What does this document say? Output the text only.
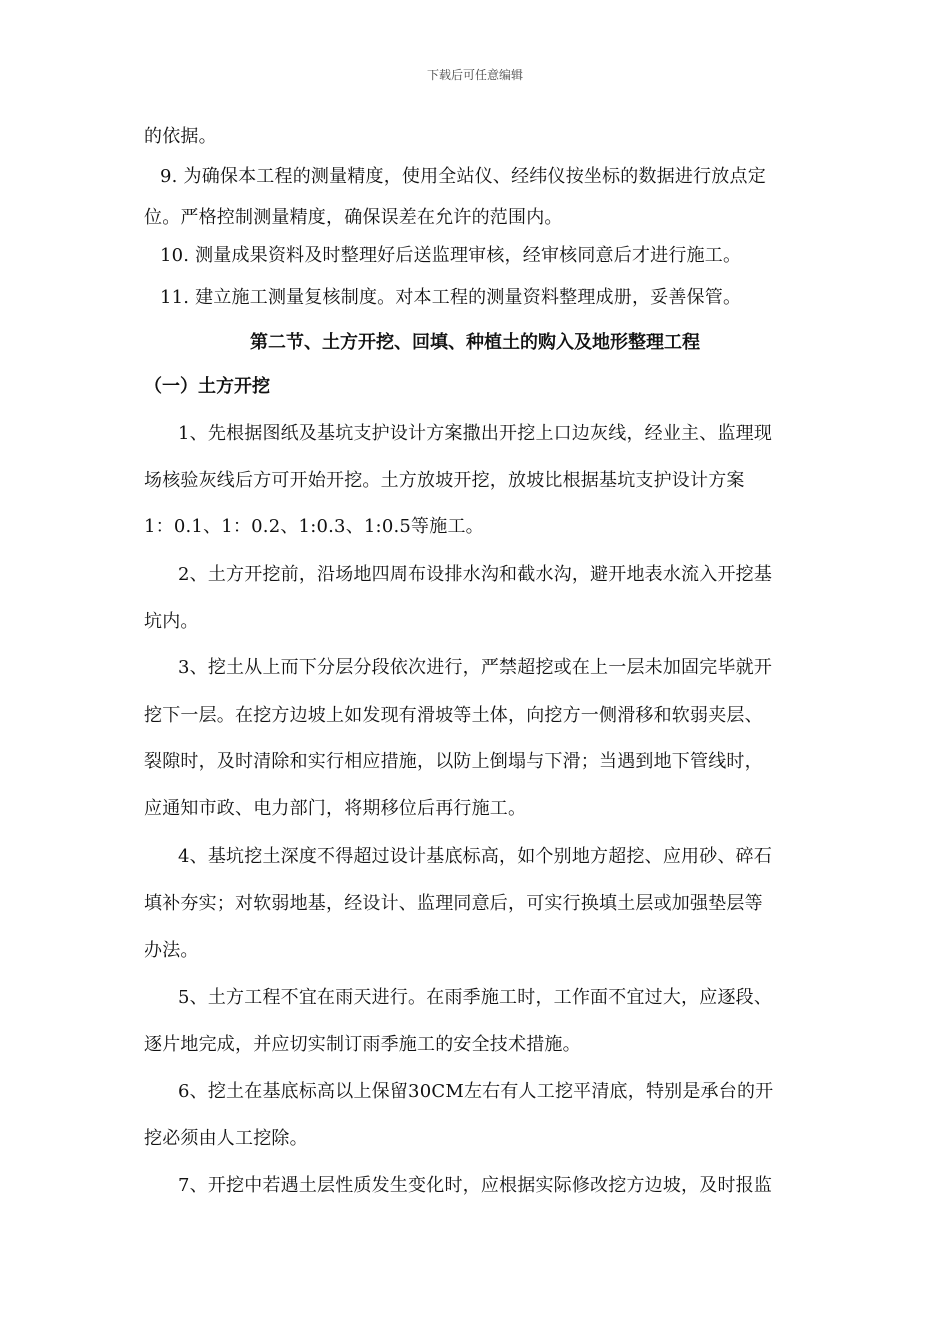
下载后可任意编辑
的依据。
9. 为确保本工程的测量精度，使用全站仪、经纬仪按坐标的数据进行放点定
位。严格控制测量精度，确保误差在允许的范围内。
10. 测量成果资料及时整理好后送监理审核，经审核同意后才进行施工。
11. 建立施工测量复核制度。对本工程的测量资料整理成册，妥善保管。
第二节、土方开挖、回填、种植土的购入及地形整理工程
（一）土方开挖
1、先根据图纸及基坑支护设计方案撒出开挖上口边灰线，经业主、监理现
场核验灰线后方可开始开挖。土方放坡开挖，放坡比根据基坑支护设计方案
1：0.1、1：0.2、1:0.3、1:0.5等施工。
2、土方开挖前，沿场地四周布设排水沟和截水沟，避开地表水流入开挖基
坑内。
3、挖土从上而下分层分段依次进行，严禁超挖或在上一层未加固完毕就开
挖下一层。在挖方边坡上如发现有滑坡等土体，向挖方一侧滑移和软弱夹层、
裂隙时，及时清除和实行相应措施，以防上倒塌与下滑；当遇到地下管线时，
应通知市政、电力部门，将期移位后再行施工。
4、基坑挖土深度不得超过设计基底标高，如个别地方超挖、应用砂、碎石
填补夯实；对软弱地基，经设计、监理同意后，可实行换填土层或加强垫层等
办法。
5、土方工程不宜在雨天进行。在雨季施工时，工作面不宜过大，应逐段、
逐片地完成，并应切实制订雨季施工的安全技术措施。
6、挖土在基底标高以上保留30CM左右有人工挖平清底，特别是承台的开
挖必须由人工挖除。
7、开挖中若遇土层性质发生变化时，应根据实际修改挖方边坡，及时报监
